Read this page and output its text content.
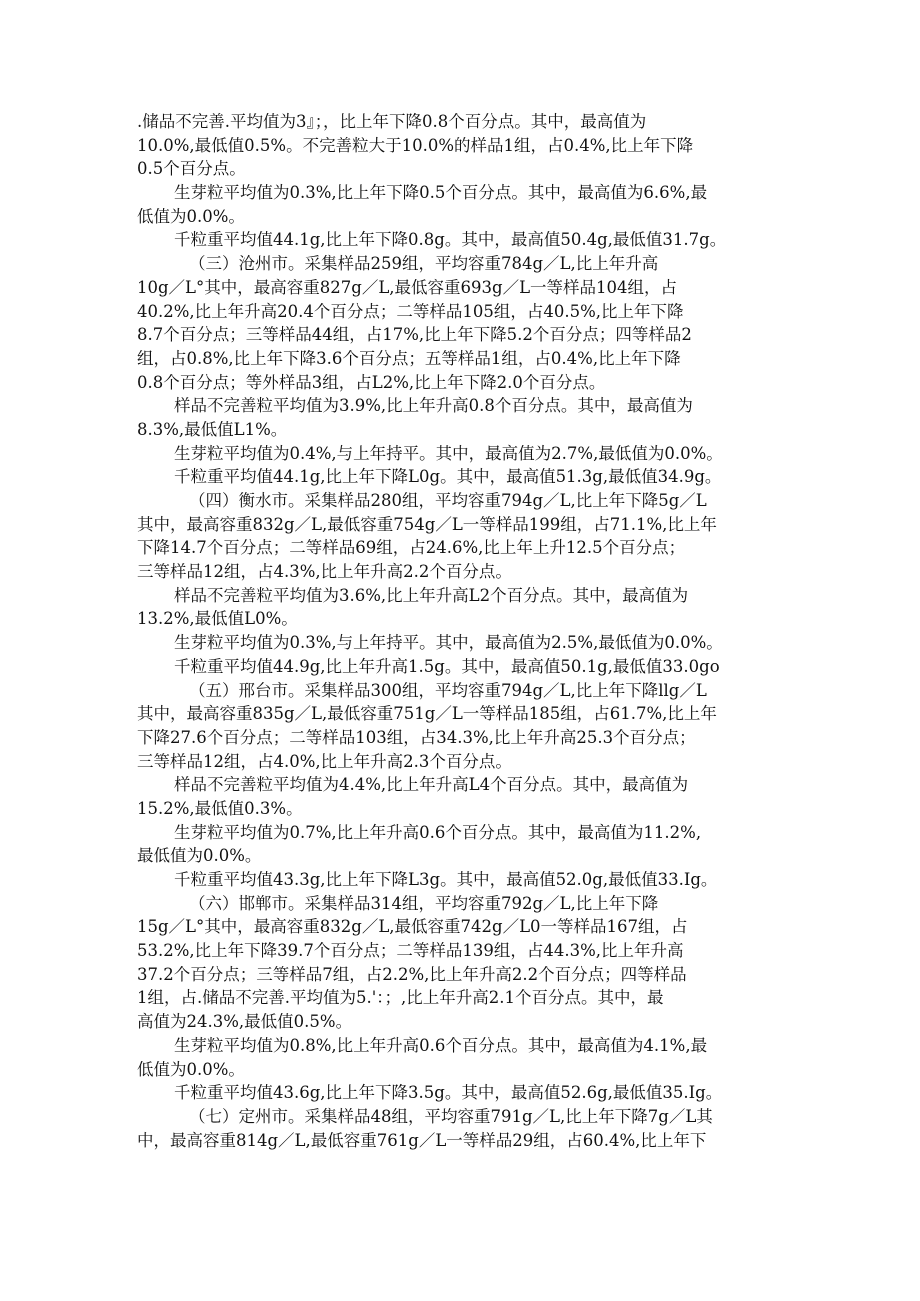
.储品不完善.平均值为3』；，比上年下降0.8个百分点。其中，最高值为
10.0%,最低值0.5%。不完善粒大于10.0%的样品1组，占0.4%,比上年下降
0.5个百分点。
生芽粒平均值为0.3%,比上年下降0.5个百分点。其中，最高值为6.6%,最
低值为0.0%。
千粒重平均值44.1g,比上年下降0.8g。其中，最高值50.4g,最低值31.7g。
（三）沧州市。采集样品259组，平均容重784g／L,比上年升高
10g／L°其中，最高容重827g／L,最低容重693g／L一等样品104组，占
40.2%,比上年升高20.4个百分点；二等样品105组，占40.5%,比上年下降
8.7个百分点；三等样品44组，占17%,比上年下降5.2个百分点；四等样品2
组，占0.8%,比上年下降3.6个百分点；五等样品1组，占0.4%,比上年下降
0.8个百分点；等外样品3组，占L2%,比上年下降2.0个百分点。
样品不完善粒平均值为3.9%,比上年升高0.8个百分点。其中，最高值为
8.3%,最低值L1%。
生芽粒平均值为0.4%,与上年持平。其中，最高值为2.7%,最低值为0.0%。
千粒重平均值44.1g,比上年下降L0g。其中，最高值51.3g,最低值34.9g。
（四）衡水市。采集样品280组，平均容重794g／L,比上年下降5g／L
其中，最高容重832g／L,最低容重754g／L一等样品199组，占71.1%,比上年
下降14.7个百分点；二等样品69组，占24.6%,比上年上升12.5个百分点；
三等样品12组，占4.3%,比上年升高2.2个百分点。
样品不完善粒平均值为3.6%,比上年升高L2个百分点。其中，最高值为
13.2%,最低值L0%。
生芽粒平均值为0.3%,与上年持平。其中，最高值为2.5%,最低值为0.0%。
千粒重平均值44.9g,比上年升高1.5g。其中，最高值50.1g,最低值33.0go
（五）邢台市。采集样品300组，平均容重794g／L,比上年下降llg／L
其中，最高容重835g／L,最低容重751g／L一等样品185组，占61.7%,比上年
下降27.6个百分点；二等样品103组，占34.3%,比上年升高25.3个百分点；
三等样品12组，占4.0%,比上年升高2.3个百分点。
样品不完善粒平均值为4.4%,比上年升高L4个百分点。其中，最高值为
15.2%,最低值0.3%。
生芽粒平均值为0.7%,比上年升高0.6个百分点。其中，最高值为11.2%,
最低值为0.0%。
千粒重平均值43.3g,比上年下降L3g。其中，最高值52.0g,最低值33.Ig。
（六）邯郸市。采集样品314组，平均容重792g／L,比上年下降
15g／L°其中，最高容重832g／L,最低容重742g／L0一等样品167组，占
53.2%,比上年下降39.7个百分点；二等样品139组，占44.3%,比上年升高
37.2个百分点；三等样品7组，占2.2%,比上年升高2.2个百分点；四等样品
1组，占.储品不完善.平均值为5.'：；,比上年升高2.1个百分点。其中，最
高值为24.3%,最低值0.5%。
生芽粒平均值为0.8%,比上年升高0.6个百分点。其中，最高值为4.1%,最
低值为0.0%。
千粒重平均值43.6g,比上年下降3.5g。其中，最高值52.6g,最低值35.Ig。
（七）定州市。采集样品48组，平均容重791g／L,比上年下降7g／L其
中，最高容重814g／L,最低容重761g／L一等样品29组，占60.4%,比上年下
